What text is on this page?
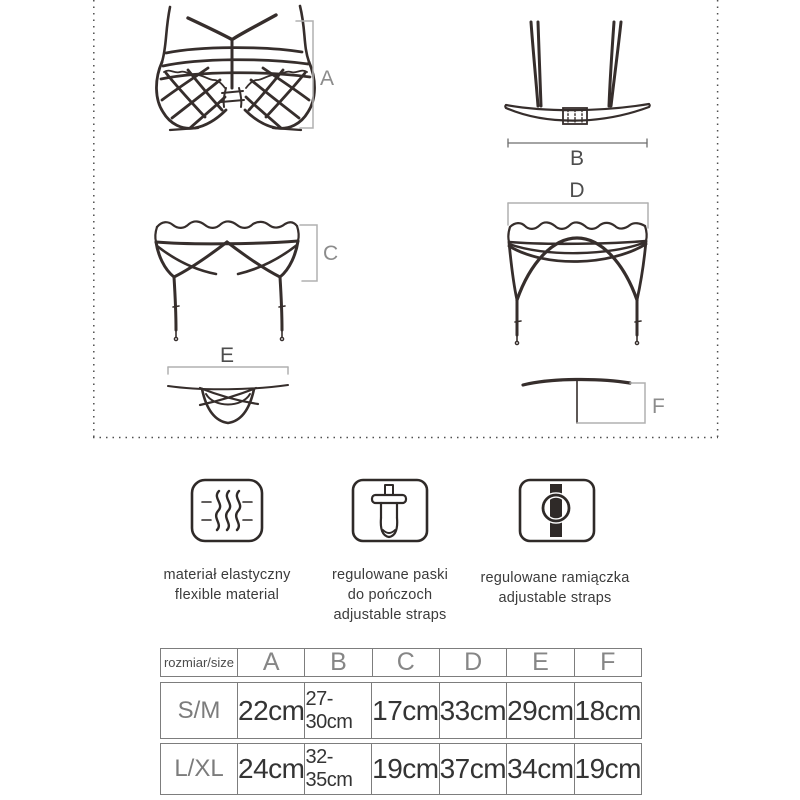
A
B
C
D
E
F
materiał elastyczny
flexible material
regulowane paski
do pończoch
adjustable straps
regulowane ramiączka
adjustable straps
rozmiar/size	A	B	C	D	E	F
S/M 22cm 27-30cm 17cm 33cm 29cm 18cm
L/XL 24cm 32-35cm 19cm 37cm 34cm 19cm
